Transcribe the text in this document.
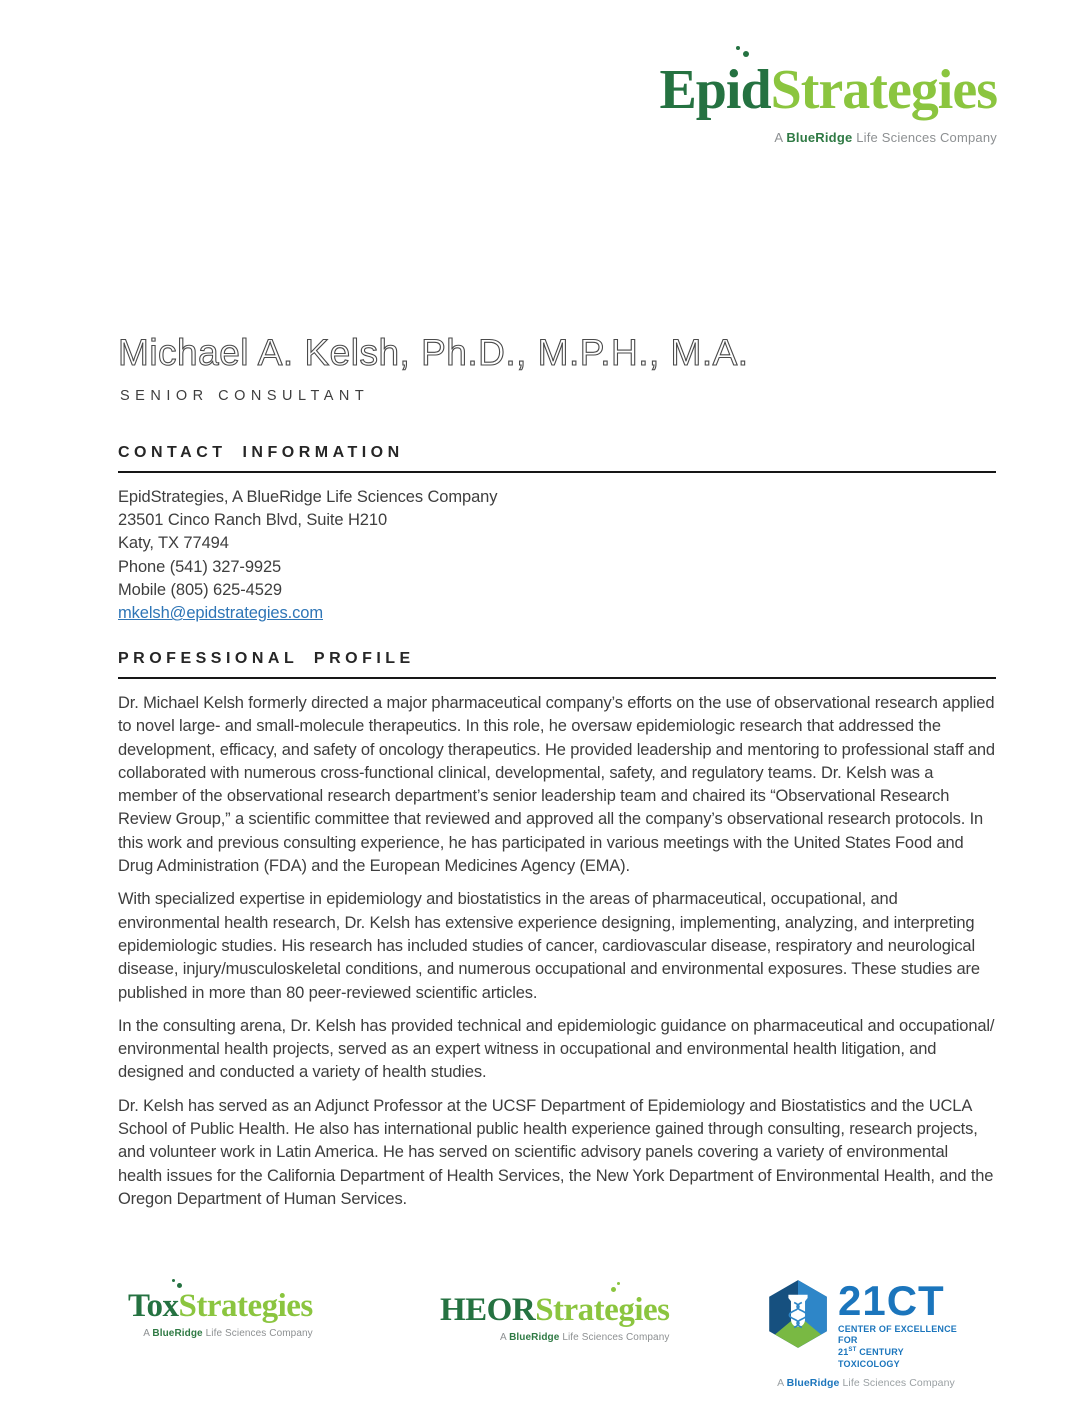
EpidStrategies
A BlueRidge Life Sciences Company
Michael A. Kelsh, Ph.D., M.P.H., M.A.
SENIOR CONSULTANT
CONTACT INFORMATION
EpidStrategies, A BlueRidge Life Sciences Company
23501 Cinco Ranch Blvd, Suite H210
Katy, TX 77494
Phone (541) 327-9925
Mobile (805) 625-4529
mkelsh@epidstrategies.com
PROFESSIONAL PROFILE

Dr. Michael Kelsh formerly directed a major pharmaceutical company’s efforts on the use of observational research applied to novel large- and small-molecule therapeutics. In this role, he oversaw epidemiologic research that addressed the development, efficacy, and safety of oncology therapeutics. He provided leadership and mentoring to professional staff and collaborated with numerous cross-functional clinical, developmental, safety, and regulatory teams. Dr. Kelsh was a member of the observational research department’s senior leadership team and chaired its “Observational Research Review Group,” a scientific committee that reviewed and approved all the company’s observational research protocols. In this work and previous consulting experience, he has participated in various meetings with the United States Food and Drug Administration (FDA) and the European Medicines Agency (EMA).

With specialized expertise in epidemiology and biostatistics in the areas of pharmaceutical, occupational, and environmental health research, Dr. Kelsh has extensive experience designing, implementing, analyzing, and interpreting epidemiologic studies. His research has included studies of cancer, cardiovascular disease, respiratory and neurological disease, injury/musculoskeletal conditions, and numerous occupational and environmental exposures. These studies are published in more than 80 peer-reviewed scientific articles.

In the consulting arena, Dr. Kelsh has provided technical and epidemiologic guidance on pharmaceutical and occupational/ environmental health projects, served as an expert witness in occupational and environmental health litigation, and designed and conducted a variety of health studies.

Dr. Kelsh has served as an Adjunct Professor at the UCSF Department of Epidemiology and Biostatistics and the UCLA School of Public Health. He also has international public health experience gained through consulting, research projects, and volunteer work in Latin America. He has served on scientific advisory panels covering a variety of environmental health issues for the California Department of Health Services, the New York Department of Environmental Health, and the Oregon Department of Human Services.

ToxStrategies
A BlueRidge Life Sciences Company
HEORStrategies
A BlueRidge Life Sciences Company
21CT
CENTER OF EXCELLENCE FOR
21ST CENTURY TOXICOLOGY
A BlueRidge Life Sciences Company
